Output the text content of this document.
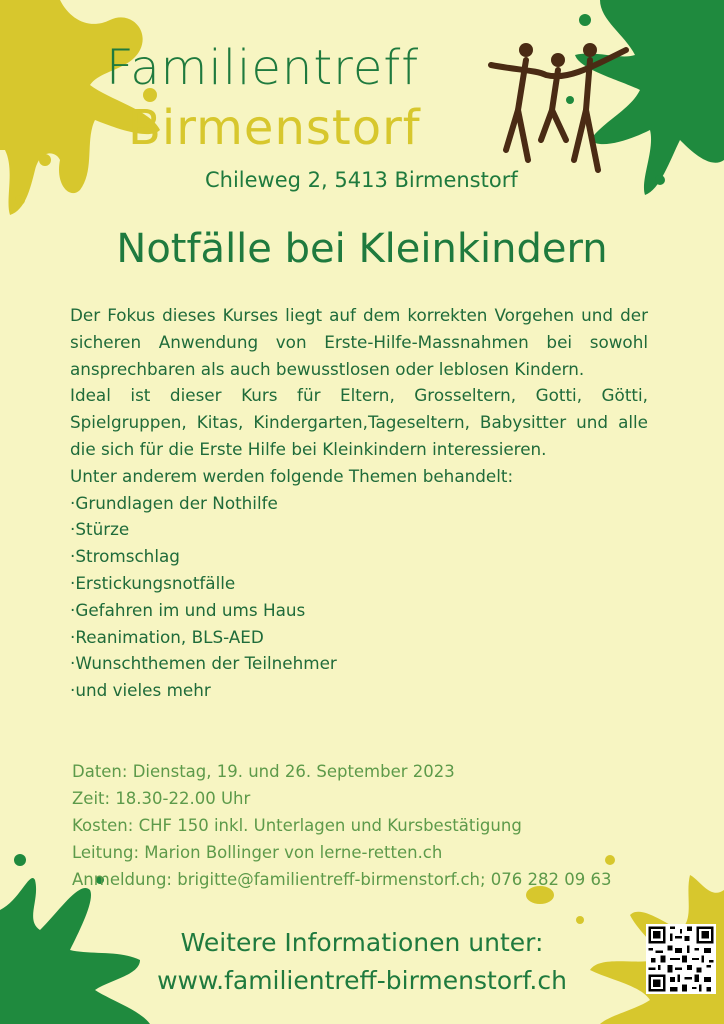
Familientreff
Birmenstorf
Chileweg 2, 5413 Birmenstorf
Notfälle bei Kleinkindern

Der Fokus dieses Kurses liegt auf dem korrekten Vorgehen und der sicheren Anwendung von Erste-Hilfe-Massnahmen bei sowohl ansprechbaren als auch bewusstlosen oder leblosen Kindern.

Ideal ist dieser Kurs für Eltern, Grosseltern, Gotti, Götti, Spielgruppen, Kitas, Kindergarten,Tageseltern, Babysitter und alle die sich für die Erste Hilfe bei Kleinkindern interessieren.

Unter anderem werden folgende Themen behandelt:

·Grundlagen der Nothilfe
·Stürze
·Stromschlag
·Erstickungsnotfälle
·Gefahren im und ums Haus
·Reanimation, BLS-AED
·Wunschthemen der Teilnehmer
·und vieles mehr
Daten: Dienstag, 19. und 26. September 2023
Zeit: 18.30-22.00 Uhr
Kosten: CHF 150 inkl. Unterlagen und Kursbestätigung
Leitung: Marion Bollinger von lerne-retten.ch
Anmeldung: brigitte@familientreff-birmenstorf.ch; 076 282 09 63
Weitere Informationen unter:
www.familientreff-birmenstorf.ch
